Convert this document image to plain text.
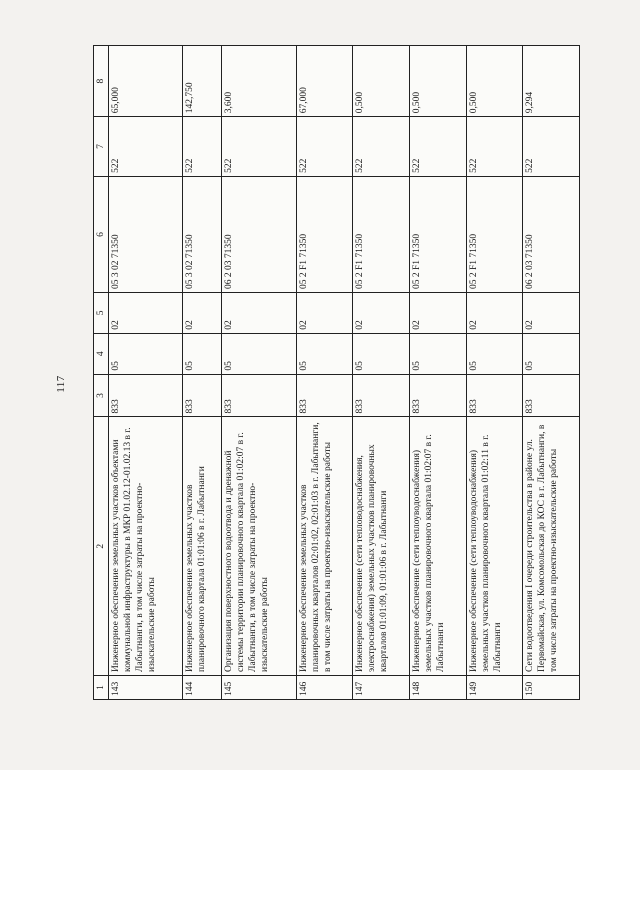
117
1	2	3	4	5	6	7	8
143	Инженерное обеспечение земельных участков объектами коммунальной инфраструктуры в МКР 01.02.12-01.02.13 в г. Лабытнанги, в том числе затраты на проектно-изыскательские работы	833	05	02	05 3 02 71350	522	65,000
144	Инженерное обеспечение земельных участков планировочного квартала 01:01:06 в г. Лабытнанги	833	05	02	05 3 02 71350	522	142,750
145	Организация поверхностного водоотвода и дренажной системы территории планировочного квартала 01:02:07 в г. Лабытнанги, в том числе затраты на проектно-изыскательские работы	833	05	02	06 2 03 71350	522	3,600
146	Инженерное обеспечение земельных участков планировочных кварталов 02:01:02, 02:01:03 в г. Лабытнанги, в том числе затраты на проектно-изыскательские работы	833	05	02	05 2 F1 71350	522	67,000
147	Инженерное обеспечение (сети тепловодоснабжения, электроснабжения) земельных участков планировочных кварталов 01:01:09, 01:01:06 в г. Лабытнанги	833	05	02	05 2 F1 71350	522	0,500
148	Инженерное обеспечение (сети теплоуводоснабжения) земельных участков планировочного квартала 01:02:07 в г. Лабытнанги	833	05	02	05 2 F1 71350	522	0,500
149	Инженерное обеспечение (сети теплоуводоснабжения) земельных участков планировочного квартала 01:02:11 в г. Лабытнанги	833	05	02	05 2 F1 71350	522	0,500
150	Сети водоотведения I очереди строительства в районе ул. Первомайская, ул. Комсомольская до КОС в г. Лабытнанги, в том числе затраты на проектно-изыскательские работы	833	05	02	06 2 03 71350	522	9,294
